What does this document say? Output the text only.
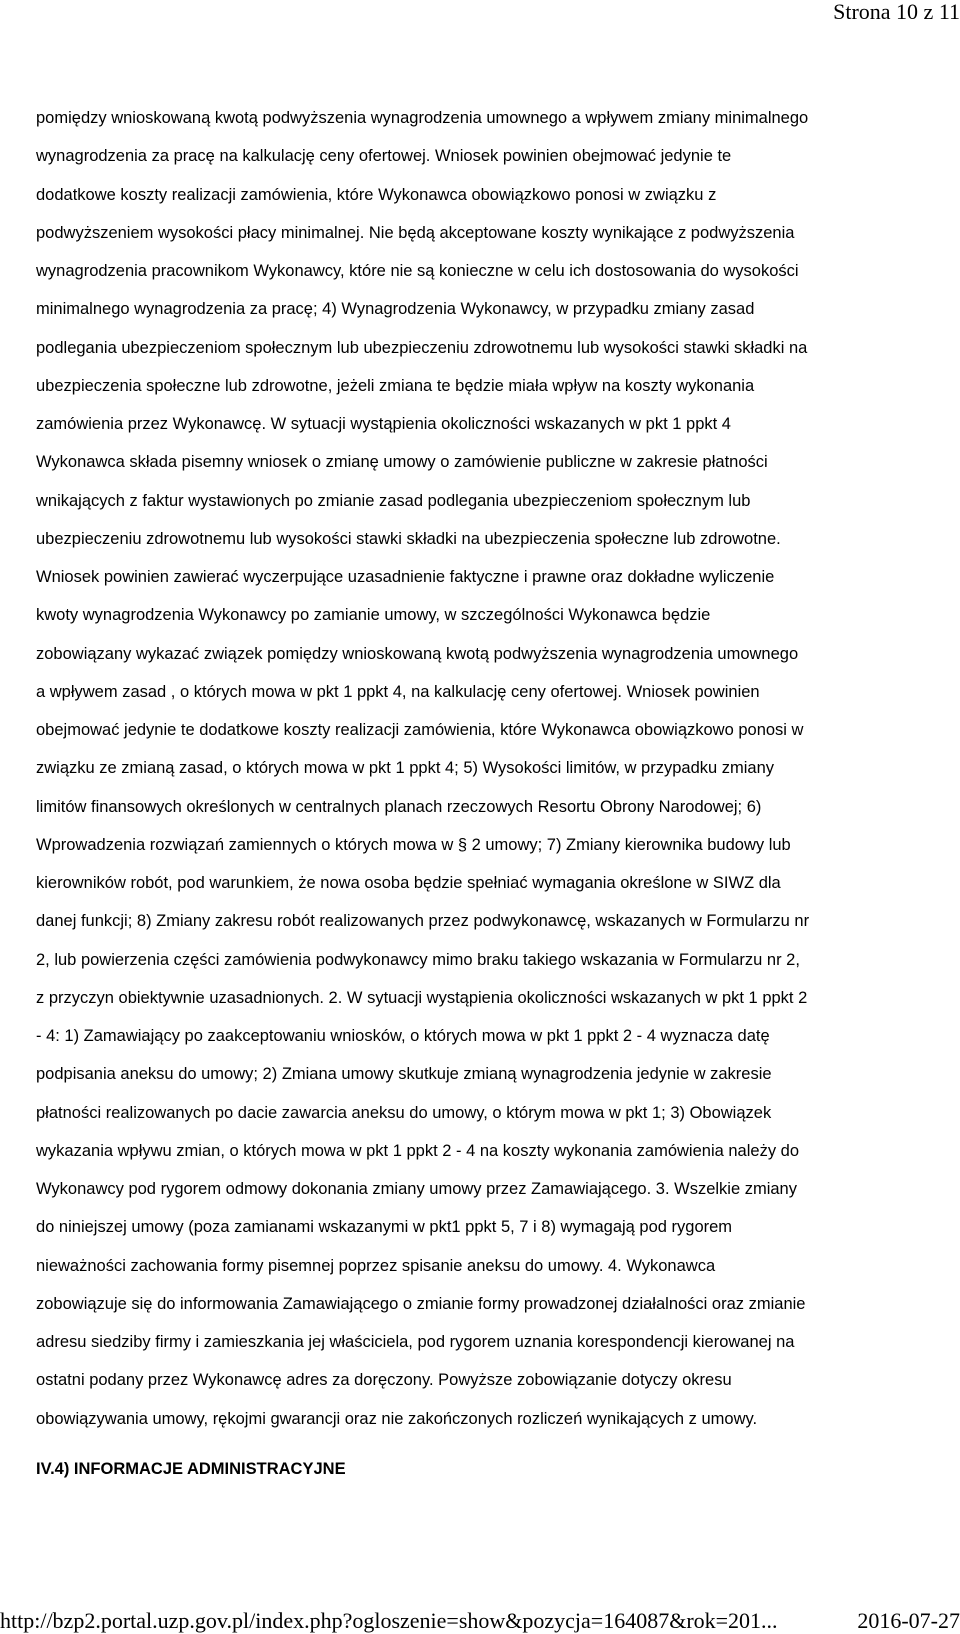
Strona 10 z 11
pomiędzy wnioskowaną kwotą podwyższenia wynagrodzenia umownego a wpływem zmiany minimalnego
wynagrodzenia za pracę na kalkulację ceny ofertowej. Wniosek powinien obejmować jedynie te
dodatkowe koszty realizacji zamówienia, które Wykonawca obowiązkowo ponosi w związku z
podwyższeniem wysokości płacy minimalnej. Nie będą akceptowane koszty wynikające z podwyższenia
wynagrodzenia pracownikom Wykonawcy, które nie są konieczne w celu ich dostosowania do wysokości
minimalnego wynagrodzenia za pracę; 4) Wynagrodzenia Wykonawcy, w przypadku zmiany zasad
podlegania ubezpieczeniom społecznym lub ubezpieczeniu zdrowotnemu lub wysokości stawki składki na
ubezpieczenia społeczne lub zdrowotne, jeżeli zmiana te będzie miała wpływ na koszty wykonania
zamówienia przez Wykonawcę. W sytuacji wystąpienia okoliczności wskazanych w pkt 1 ppkt 4
Wykonawca składa pisemny wniosek o zmianę umowy o zamówienie publiczne w zakresie płatności
wnikających z faktur wystawionych po zmianie zasad podlegania ubezpieczeniom społecznym lub
ubezpieczeniu zdrowotnemu lub wysokości stawki składki na ubezpieczenia społeczne lub zdrowotne.
Wniosek powinien zawierać wyczerpujące uzasadnienie faktyczne i prawne oraz dokładne wyliczenie
kwoty wynagrodzenia Wykonawcy po zamianie umowy, w szczególności Wykonawca będzie
zobowiązany wykazać związek pomiędzy wnioskowaną kwotą podwyższenia wynagrodzenia umownego
a wpływem zasad , o których mowa w pkt 1 ppkt 4, na kalkulację ceny ofertowej. Wniosek powinien
obejmować jedynie te dodatkowe koszty realizacji zamówienia, które Wykonawca obowiązkowo ponosi w
związku ze zmianą zasad, o których mowa w pkt 1 ppkt 4; 5) Wysokości limitów, w przypadku zmiany
limitów finansowych określonych w centralnych planach rzeczowych Resortu Obrony Narodowej; 6)
Wprowadzenia rozwiązań zamiennych o których mowa w § 2 umowy; 7) Zmiany kierownika budowy lub
kierowników robót, pod warunkiem, że nowa osoba będzie spełniać wymagania określone w SIWZ dla
danej funkcji; 8) Zmiany zakresu robót realizowanych przez podwykonawcę, wskazanych w Formularzu nr
2, lub powierzenia części zamówienia podwykonawcy mimo braku takiego wskazania w Formularzu nr 2,
z przyczyn obiektywnie uzasadnionych. 2. W sytuacji wystąpienia okoliczności wskazanych w pkt 1 ppkt 2
- 4: 1) Zamawiający po zaakceptowaniu wniosków, o których mowa w pkt 1 ppkt 2 - 4 wyznacza datę
podpisania aneksu do umowy; 2) Zmiana umowy skutkuje zmianą wynagrodzenia jedynie w zakresie
płatności realizowanych po dacie zawarcia aneksu do umowy, o którym mowa w pkt 1; 3) Obowiązek
wykazania wpływu zmian, o których mowa w pkt 1 ppkt 2 - 4 na koszty wykonania zamówienia należy do
Wykonawcy pod rygorem odmowy dokonania zmiany umowy przez Zamawiającego. 3. Wszelkie zmiany
do niniejszej umowy (poza zamianami wskazanymi w pkt1 ppkt 5, 7 i 8) wymagają pod rygorem
nieważności zachowania formy pisemnej poprzez spisanie aneksu do umowy. 4. Wykonawca
zobowiązuje się do informowania Zamawiającego o zmianie formy prowadzonej działalności oraz zmianie
adresu siedziby firmy i zamieszkania jej właściciela, pod rygorem uznania korespondencji kierowanej na
ostatni podany przez Wykonawcę adres za doręczony. Powyższe zobowiązanie dotyczy okresu
obowiązywania umowy, rękojmi gwarancji oraz nie zakończonych rozliczeń wynikających z umowy.
IV.4) INFORMACJE ADMINISTRACYJNE
http://bzp2.portal.uzp.gov.pl/index.php?ogloszenie=show&pozycja=164087&rok=201...	2016-07-27
